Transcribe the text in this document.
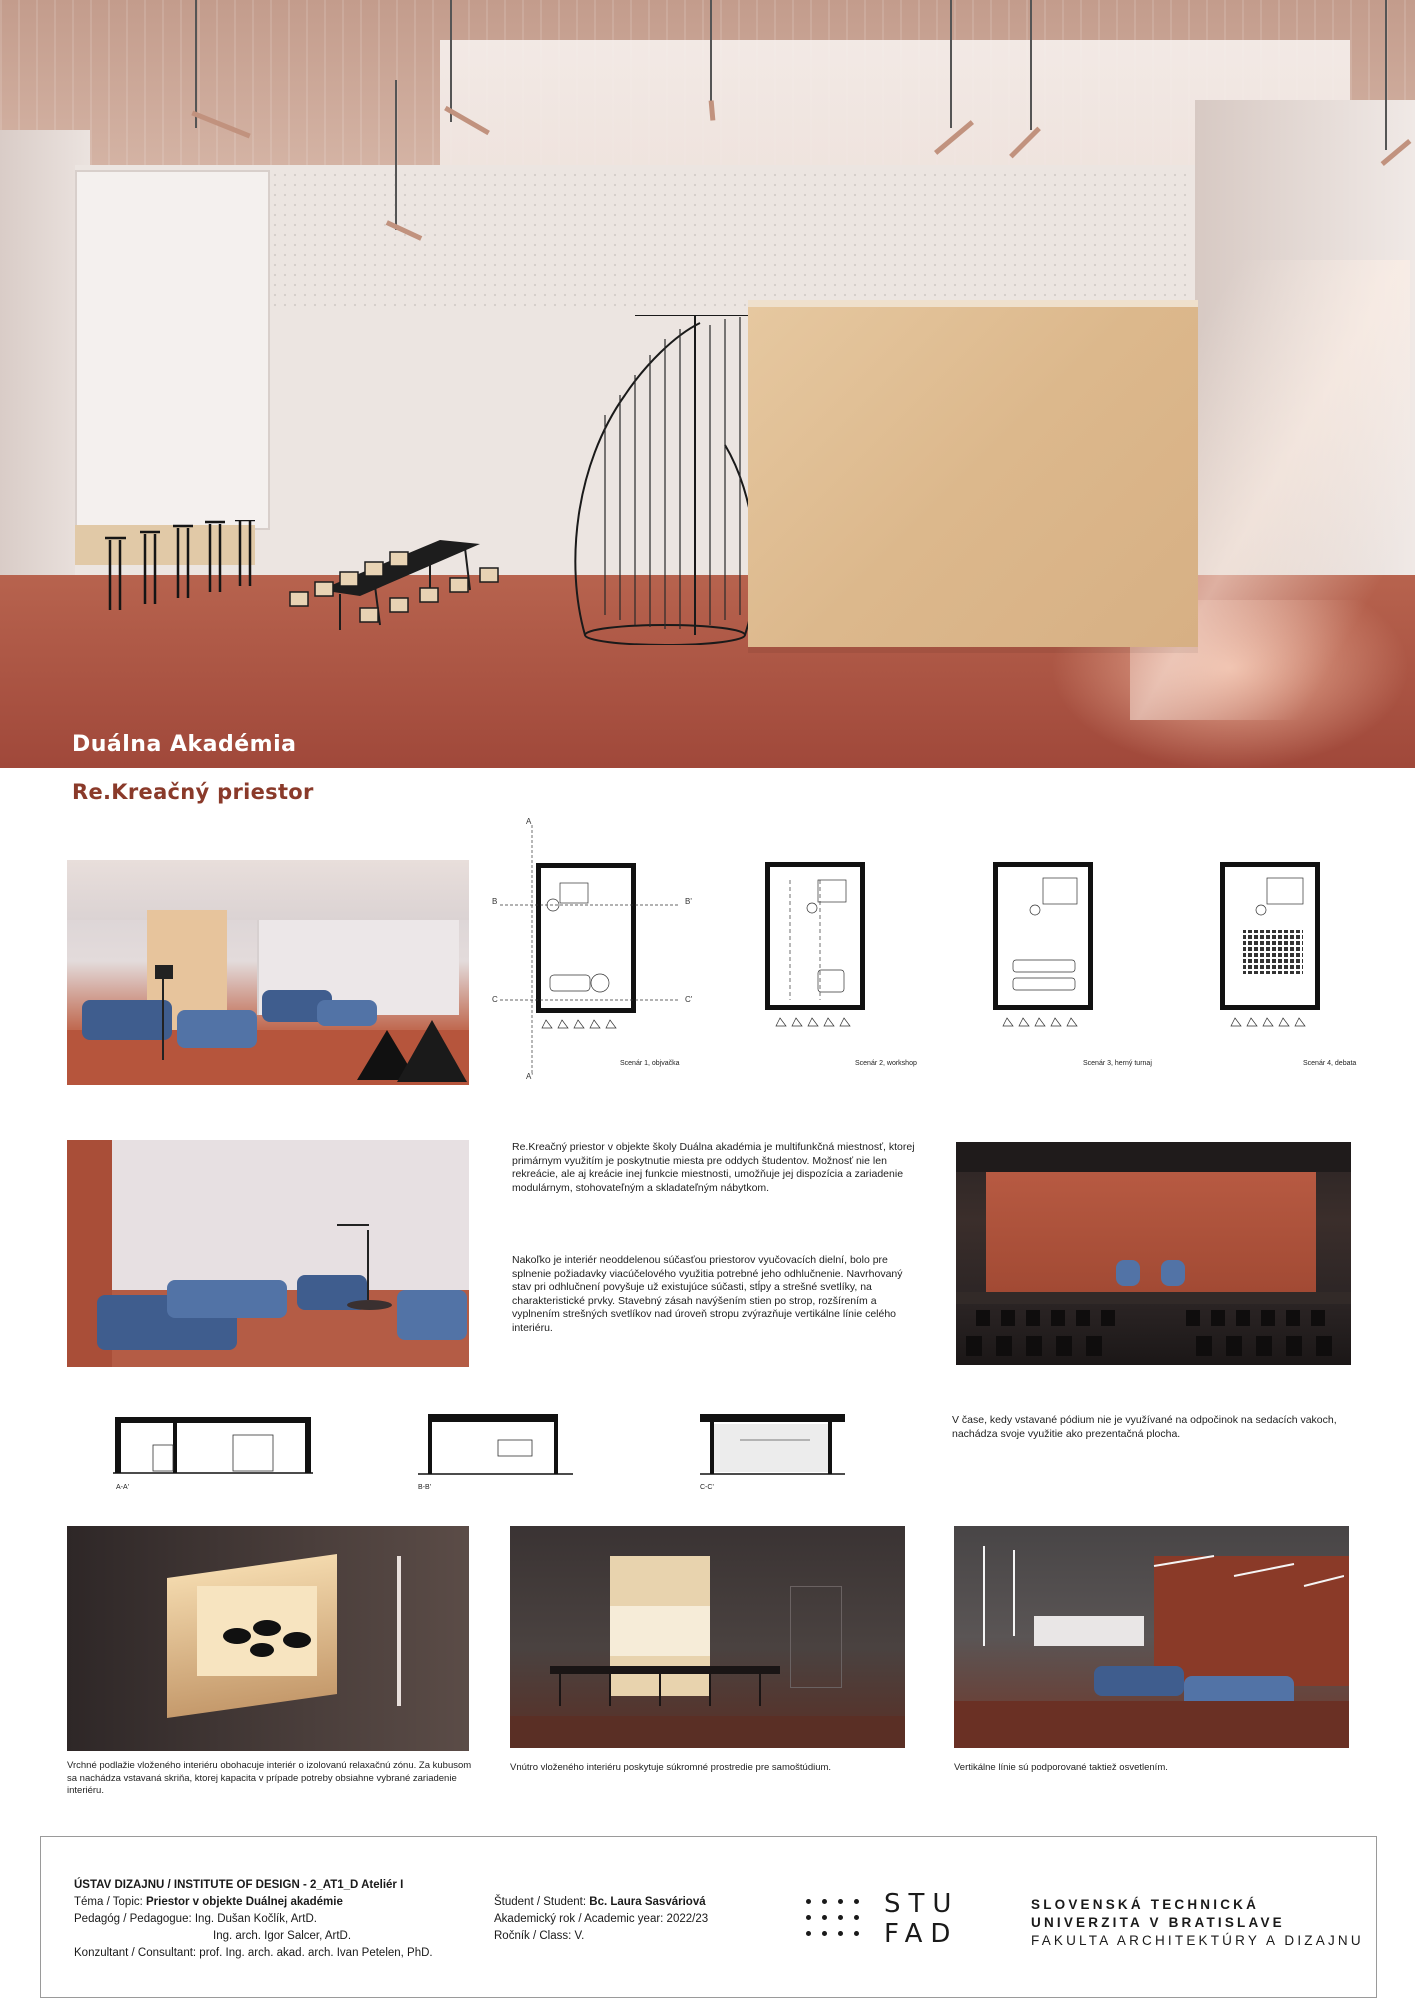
Duálna Akadémia
Re.Kreačný priestor
A
B	B'
C	C'
A'
Scenár 1, objvačka	Scenár 2, workshop	Scenár 3, herný turnaj	Scenár 4, debata
Re.Kreačný priestor v objekte školy Duálna akadémia je multifunkčná miestnosť, ktorej primárnym využitím je poskytnutie miesta pre oddych študentov. Možnosť nie len rekreácie, ale aj kreácie inej funkcie miestnosti, umožňuje jej dispozícia a zariadenie modulárnym, stohovateľným a skladateľným nábytkom.
Nakoľko je interiér neoddelenou súčasťou priestorov vyučovacích dielní, bolo pre splnenie požiadavky viacúčelového využitia potrebné jeho odhlučnenie. Navrhovaný stav pri odhlučnení povyšuje už existujúce súčasti, stĺpy a strešné svetlíky, na charakteristické prvky. Stavebný zásah navýšením stien po strop, rozšírením a vyplnením strešných svetlíkov nad úroveň stropu zvýrazňuje vertikálne línie celého interiéru.
A-A'	B-B'	C-C'
V čase, kedy vstavané pódium nie je využívané na odpočinok na sedacích vakoch, nachádza svoje využitie ako prezentačná plocha.
Vrchné podlažie vloženého interiéru obohacuje interiér o izolovanú relaxačnú zónu. Za kubusom sa nachádza vstavaná skriňa, ktorej kapacita v prípade potreby obsiahne vybrané zariadenie interiéru.
Vnútro vloženého interiéru poskytuje súkromné prostredie pre samoštúdium.	Vertikálne línie sú podporované taktiež osvetlením.
ÚSTAV DIZAJNU / INSTITUTE OF DESIGN - 2_AT1_D Ateliér I
Téma / Topic: Priestor v objekte Duálnej akadémie
Pedagóg / Pedagogue: Ing. Dušan Kočlík, ArtD.
Ing. arch. Igor Salcer, ArtD.
Konzultant / Consultant: prof. Ing. arch. akad. arch. Ivan Petelen, PhD.
Študent / Student: Bc. Laura Sasváriová
Akademický rok / Academic year: 2022/23
Ročník / Class: V.
STU
FAD
SLOVENSKÁ TECHNICKÁ
UNIVERZITA V BRATISLAVE
FAKULTA ARCHITEKTÚRY A DIZAJNU
